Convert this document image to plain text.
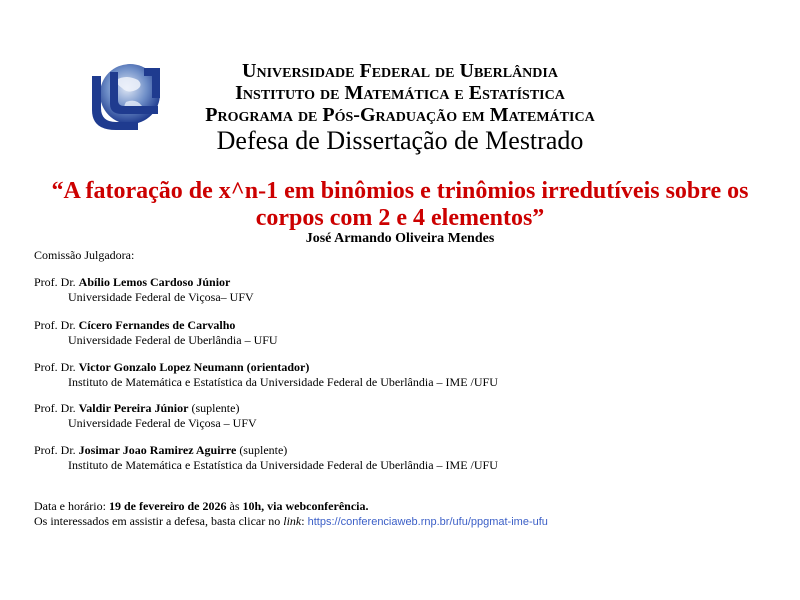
Universidade Federal de Uberlândia
Instituto de Matemática e Estatística
Programa de Pós-Graduação em Matemática
Defesa de Dissertação de Mestrado
“A fatoração de x^n-1 em binômios e trinômios irredutíveis sobre os corpos com 2 e 4 elementos”
José Armando Oliveira Mendes
Comissão Julgadora:
Prof. Dr. Abílio Lemos Cardoso Júnior
Universidade Federal de Viçosa– UFV
Prof. Dr. Cícero Fernandes de Carvalho
Universidade Federal de Uberlândia – UFU
Prof. Dr. Victor Gonzalo Lopez Neumann (orientador)
Instituto de Matemática e Estatística da Universidade Federal de Uberlândia – IME /UFU
Prof. Dr. Valdir Pereira Júnior (suplente)
Universidade Federal de Viçosa – UFV
Prof. Dr. Josimar Joao Ramirez Aguirre (suplente)
Instituto de Matemática e Estatística da Universidade Federal de Uberlândia – IME /UFU
Data e horário: 19 de fevereiro de 2026 às 10h, via webconferência.
Os interessados em assistir a defesa, basta clicar no link: https://conferenciaweb.rnp.br/ufu/ppgmat-ime-ufu
